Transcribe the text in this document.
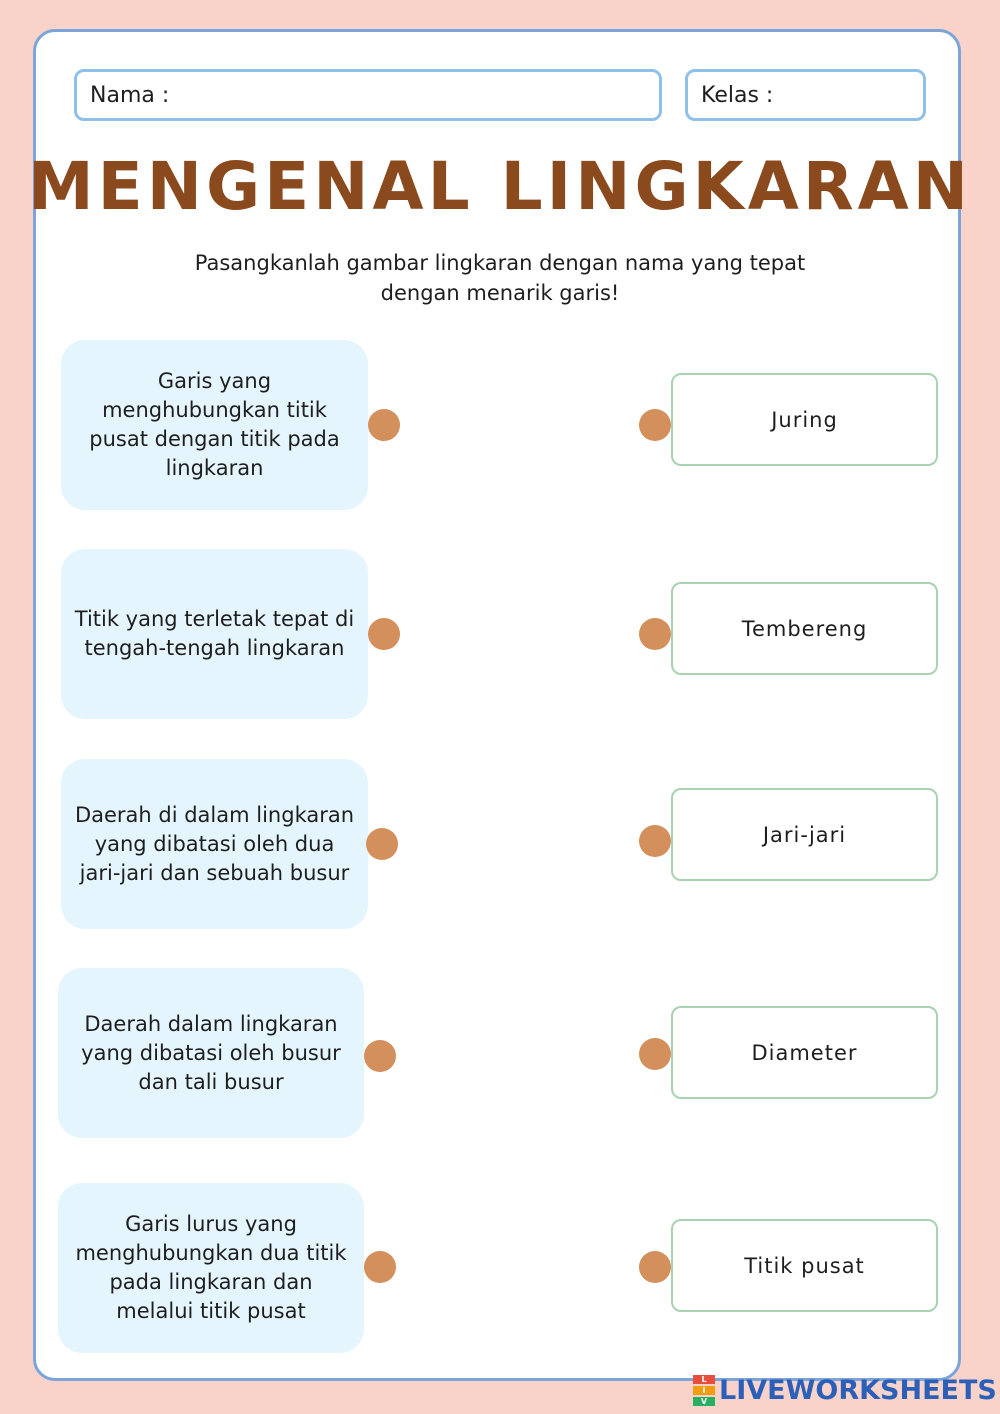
Nama :	Kelas :
MENGENAL LINGKARAN
Pasangkanlah gambar lingkaran dengan nama yang tepat
dengan menarik garis!
Garis yang menghubungkan titik pusat dengan titik pada lingkaran
Titik yang terletak tepat di tengah-tengah lingkaran
Daerah di dalam lingkaran yang dibatasi oleh dua jari-jari dan sebuah busur
Daerah dalam lingkaran yang dibatasi oleh busur dan tali busur
Garis lurus yang menghubungkan dua titik pada lingkaran dan melalui titik pusat
Juring
Tembereng
Jari-jari
Diameter
Titik pusat
L
I
V LIVEWORKSHEETS
